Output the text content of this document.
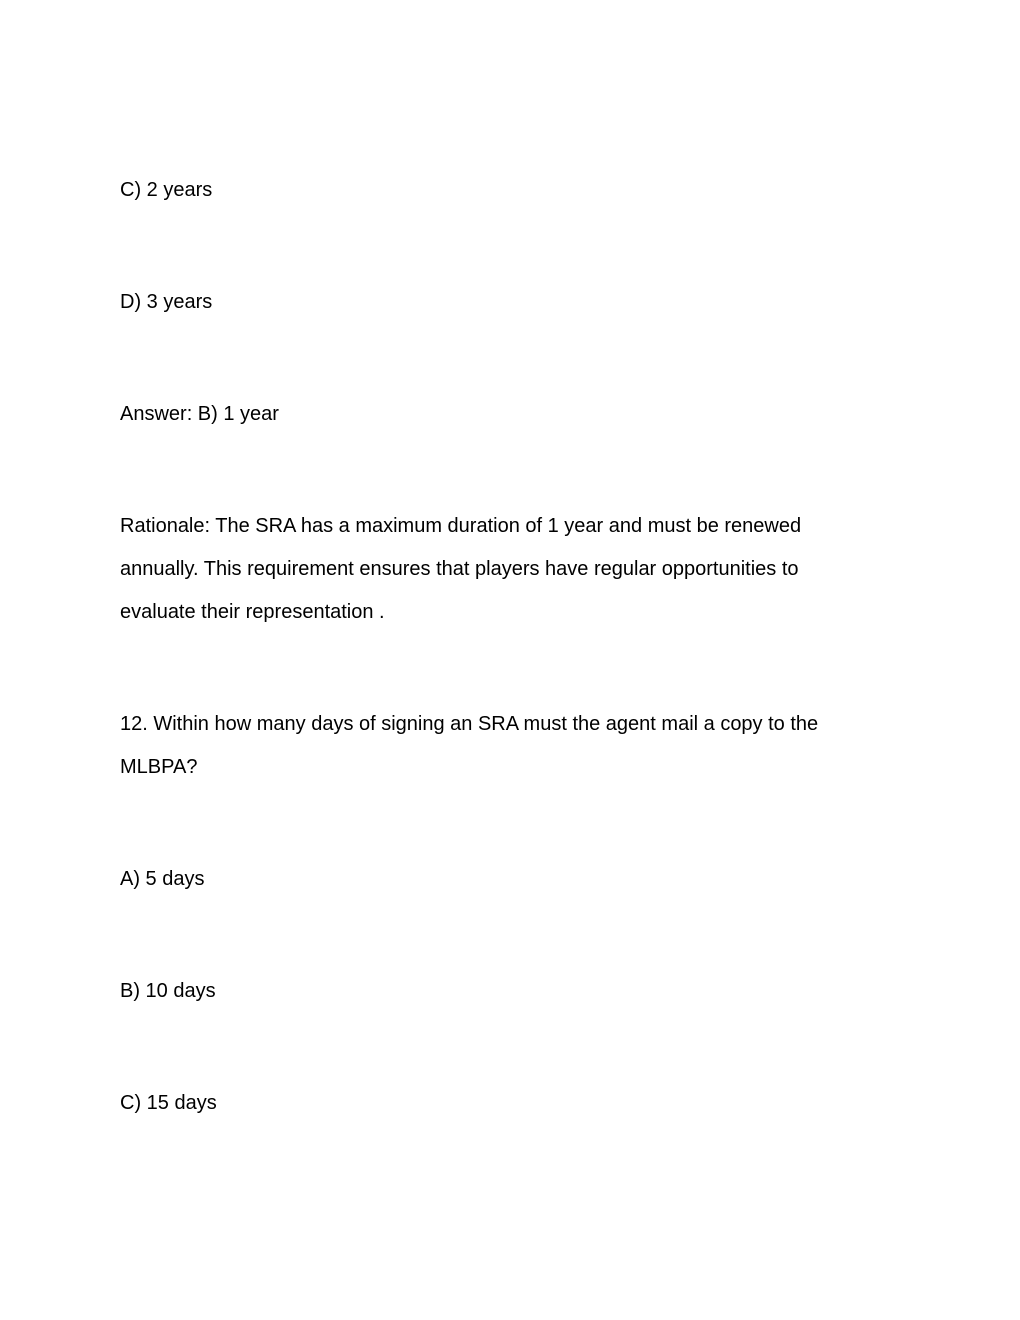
C) 2 years
D) 3 years
Answer: B) 1 year
Rationale: The SRA has a maximum duration of 1 year and must be renewed
annually. This requirement ensures that players have regular opportunities to
evaluate their representation .
12. Within how many days of signing an SRA must the agent mail a copy to the
MLBPA?
A) 5 days
B) 10 days
C) 15 days
